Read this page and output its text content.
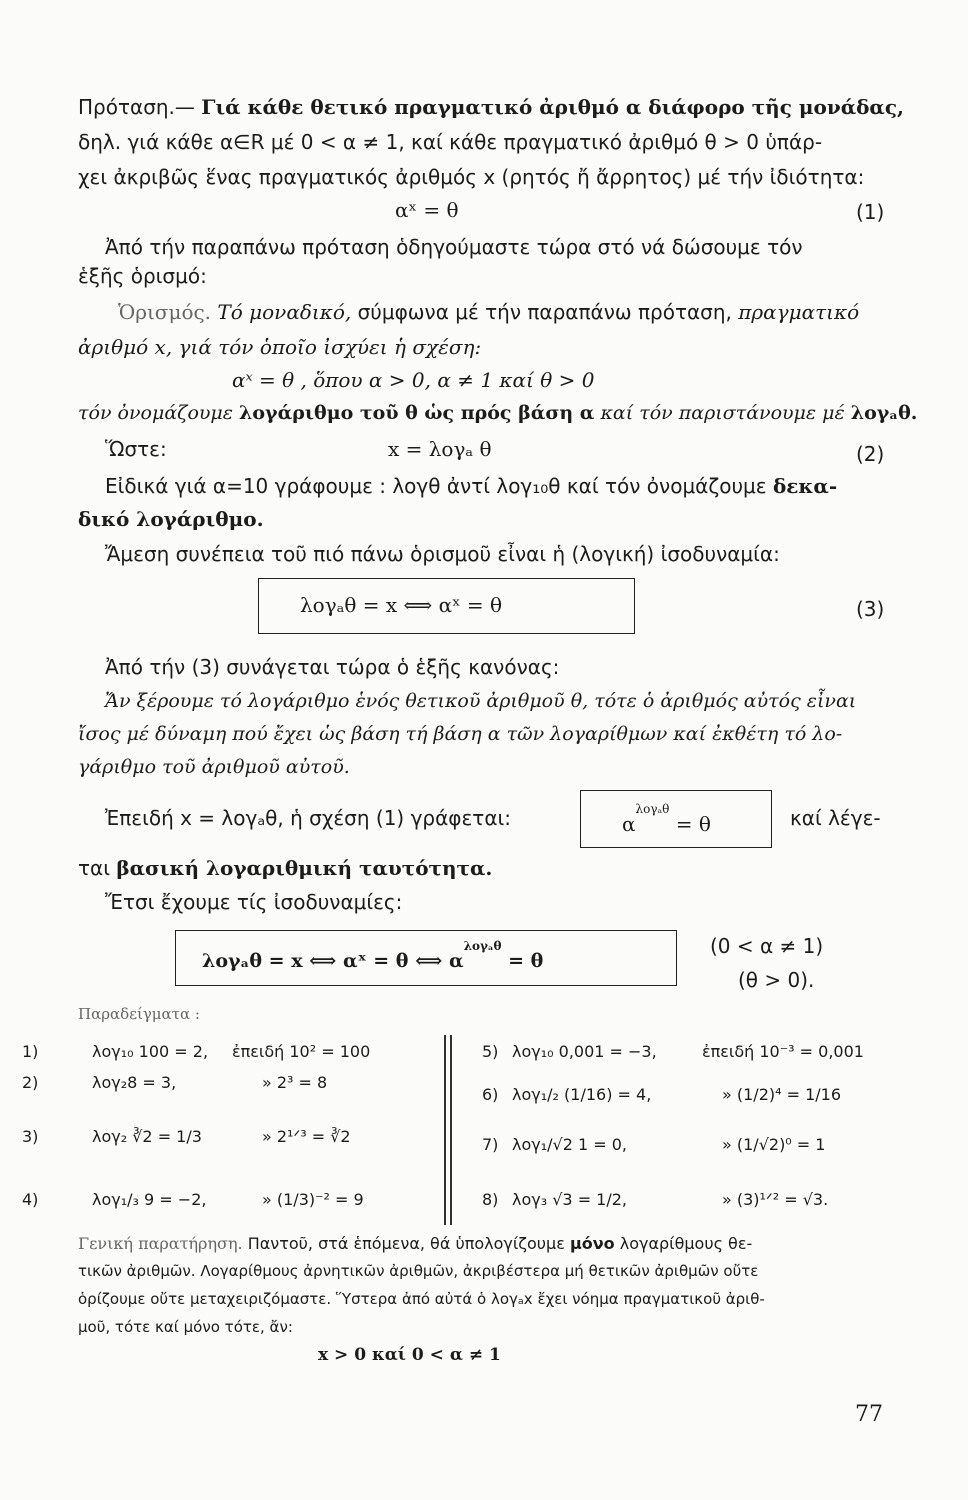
Πρόταση.— Γιά κάθε θετικό πραγματικό ἀριθμό α διάφορο τῆς μονάδας,
δηλ. γιά κάθε α∈R μέ 0 < α ≠ 1, καί κάθε πραγματικό ἀριθμό θ > 0 ὑπάρ-
χει ἀκριβῶς ἕνας πραγματικός ἀριθμός x (ρητός ἤ ἄρρητος) μέ τήν ἰδιότητα:
αˣ = θ	(1)
Ἀπό τήν παραπάνω πρόταση ὁδηγούμαστε τώρα στό νά δώσουμε τόν
ἑξῆς ὁρισμό:
Ὁρισμός. Τό μοναδικό, σύμφωνα μέ τήν παραπάνω πρόταση, πραγματικό
ἀριθμό x, γιά τόν ὁποῖο ἰσχύει ἡ σχέση:
αˣ = θ , ὅπου α > 0, α ≠ 1 καί θ > 0
τόν ὀνομάζουμε λογάριθμο τοῦ θ ὡς πρός βάση α καί τόν παριστάνουμε μέ λογₐθ.
Ὥστε:	x = λογₐ θ	(2)
Εἰδικά γιά α=10 γράφουμε : λογθ ἀντί λογ₁₀θ καί τόν ὀνομάζουμε δεκα-
δικό λογάριθμο.
Ἄμεση συνέπεια τοῦ πιό πάνω ὁρισμοῦ εἶναι ἡ (λογική) ἰσοδυναμία:
λογₐθ = x ⟺ αˣ = θ	(3)
Ἀπό τήν (3) συνάγεται τώρα ὁ ἑξῆς κανόνας:
Ἄν ξέρουμε τό λογάριθμο ἑνός θετικοῦ ἀριθμοῦ θ, τότε ὁ ἀριθμός αὐτός εἶναι
ἴσος μέ δύναμη πού ἔχει ὡς βάση τή βάση α τῶν λογαρίθμων καί ἐκθέτη τό λο-
γάριθμο τοῦ ἀριθμοῦ αὐτοῦ.
Ἐπειδή x = λογₐθ, ἡ σχέση (1) γράφεται:	$\alpha^{\lambda o\gamma_a\theta} = \theta$	καί λέγε-
ται βασική λογαριθμική ταυτότητα.
Ἔτσι ἔχουμε τίς ἰσοδυναμίες:
λογₐθ = x ⟺ αˣ = θ ⟺ $\alpha^{\lambda o\gamma_a\theta} = \theta$
(0 < α ≠ 1)
(θ > 0).
Παραδείγματα :
1)	λογ₁₀ 100 = 2, ἐπειδή 10² = 100
2)	λογ₂8 = 3,	» 2³ = 8
3)	λογ₂ ∛2 = 1/3	» 2¹ᐟ³ = ∛2
4)	λογ₁/₃ 9 = −2,	» (1/3)⁻² = 9
5) λογ₁₀ 0,001 = −3,	ἐπειδή 10⁻³ = 0,001
6) λογ₁/₂ (1/16) = 4,	» (1/2)⁴ = 1/16
7) λογ₁/√2 1 = 0,	» (1/√2)⁰ = 1
8) λογ₃ √3 = 1/2,	» (3)¹ᐟ² = √3.
Γενική παρατήρηση. Παντοῦ, στά ἑπόμενα, θά ὑπολογίζουμε μόνο λογαρίθμους θε-
τικῶν ἀριθμῶν. Λογαρίθμους ἀρνητικῶν ἀριθμῶν, ἀκριβέστερα μή θετικῶν ἀριθμῶν οὔτε
ὁρίζουμε οὔτε μεταχειριζόμαστε. Ὕστερα ἀπό αὐτά ὁ λογₐx ἔχει νόημα πραγματικοῦ ἀριθ-
μοῦ, τότε καί μόνο τότε, ἄν:
x > 0 καί 0 < α ≠ 1
77
